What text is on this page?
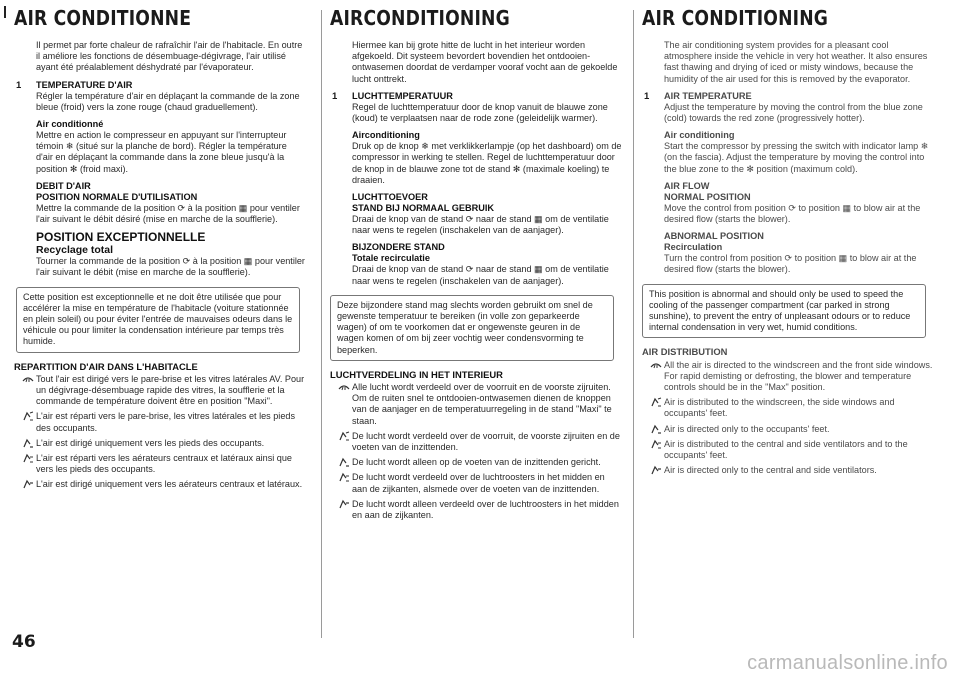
AIR CONDITIONNE

Il permet par forte chaleur de rafraîchir l'air de l'habitacle. En outre il améliore les fonctions de désembuage-dégivrage, l'air utilisé ayant été préalablement déshydraté par l'évaporateur.

1 TEMPERATURE D'AIR

Régler la température d'air en déplaçant la commande de la zone bleue (froid) vers la zone rouge (chaud graduellement).

Air conditionné

Mettre en action le compresseur en appuyant sur l'interrupteur témoin ❄ (situé sur la planche de bord). Régler la température d'air en déplaçant la commande dans la zone bleue jusqu'à la position ✻ (froid maxi).

DEBIT D'AIR

POSITION NORMALE D'UTILISATION

Mettre la commande de la position ⟳ à la position ▦ pour ventiler l'air suivant le débit désiré (mise en marche de la soufflerie).

POSITION EXCEPTIONNELLE

Recyclage total

Tourner la commande de la position ⟳ à la position ▦ pour ventiler l'air suivant le débit (mise en marche de la soufflerie).

Cette position est exceptionnelle et ne doit être utilisée que pour accélérer la mise en température de l'habitacle (voiture stationnée en plein soleil) ou pour éviter l'entrée de mauvaises odeurs dans le véhicule ou pour limiter la condensation intérieure par temps très humide.

REPARTITION D'AIR DANS L'HABITACLE

Tout l'air est dirigé vers le pare-brise et les vitres latérales AV. Pour un dégivrage-désembuage rapide des vitres, la soufflerie et la commande de température doivent être en position "Maxi".
L'air est réparti vers le pare-brise, les vitres latérales et les pieds des occupants.
L'air est dirigé uniquement vers les pieds des occupants.
L'air est réparti vers les aérateurs centraux et latéraux ainsi que vers les pieds des occupants.
L'air est dirigé uniquement vers les aérateurs centraux et latéraux.
AIRCONDITIONING

Hiermee kan bij grote hitte de lucht in het interieur worden afgekoeld. Dit systeem bevordert bovendien het ontdooien-ontwasemen doordat de verdamper vooraf vocht aan de gekoelde lucht onttrekt.

1 LUCHTTEMPERATUUR

Regel de luchttemperatuur door de knop vanuit de blauwe zone (koud) te verplaatsen naar de rode zone (geleidelijk warmer).

Airconditioning

Druk op de knop ❄ met verklikkerlampje (op het dashboard) om de compressor in werking te stellen. Regel de luchttemperatuur door de knop in de blauwe zone tot de stand ✻ (maximale koeling) te draaien.

LUCHTTOEVOER

STAND BIJ NORMAAL GEBRUIK

Draai de knop van de stand ⟳ naar de stand ▦ om de ventilatie naar wens te regelen (inschakelen van de aanjager).

BIJZONDERE STAND

Totale recirculatie

Draai de knop van de stand ⟳ naar de stand ▦ om de ventilatie naar wens te regelen (inschakelen van de aanjager).

Deze bijzondere stand mag slechts worden gebruikt om snel de gewenste temperatuur te bereiken (in volle zon geparkeerde wagen) of om te voorkomen dat er ongewenste geuren in de wagen komen of om bij zeer vochtig weer condensvorming te beperken.

LUCHTVERDELING IN HET INTERIEUR

Alle lucht wordt verdeeld over de voorruit en de voorste zijruiten. Om de ruiten snel te ontdooien-ontwasemen dienen de knoppen van de aanjager en de temperatuurregeling in de stand "Maxi" te staan.
De lucht wordt verdeeld over de voorruit, de voorste zijruiten en de voeten van de inzittenden.
De lucht wordt alleen op de voeten van de inzittenden gericht.
De lucht wordt verdeeld over de luchtroosters in het midden en aan de zijkanten, alsmede over de voeten van de inzittenden.
De lucht wordt alleen verdeeld over de luchtroosters in het midden en aan de zijkanten.
AIR CONDITIONING

The air conditioning system provides for a pleasant cool atmosphere inside the vehicle in very hot weather. It also ensures fast thawing and drying of iced or misty windows, because the humidity of the air used for this is removed by the evaporator.

1 AIR TEMPERATURE

Adjust the temperature by moving the control from the blue zone (cold) towards the red zone (progressively hotter).

Air conditioning

Start the compressor by pressing the switch with indicator lamp ❄ (on the fascia). Adjust the temperature by moving the control into the blue zone to the ✻ position (maximum cold).

AIR FLOW

NORMAL POSITION

Move the control from position ⟳ to position ▦ to blow air at the desired flow (starts the blower).

ABNORMAL POSITION

Recirculation

Turn the control from position ⟳ to position ▦ to blow air at the desired flow (starts the blower).

This position is abnormal and should only be used to speed the cooling of the passenger compartment (car parked in strong sunshine), to prevent the entry of unpleasant odours or to reduce internal condensation in very wet, humid conditions.

AIR DISTRIBUTION

All the air is directed to the windscreen and the front side windows. For rapid demisting or defrosting, the blower and temperature controls should be in the "Max" position.
Air is distributed to the windscreen, the side windows and occupants' feet.
Air is directed only to the occupants' feet.
Air is distributed to the central and side ventilators and to the occupants' feet.
Air is directed only to the central and side ventilators.
46
carmanualsonline.info
